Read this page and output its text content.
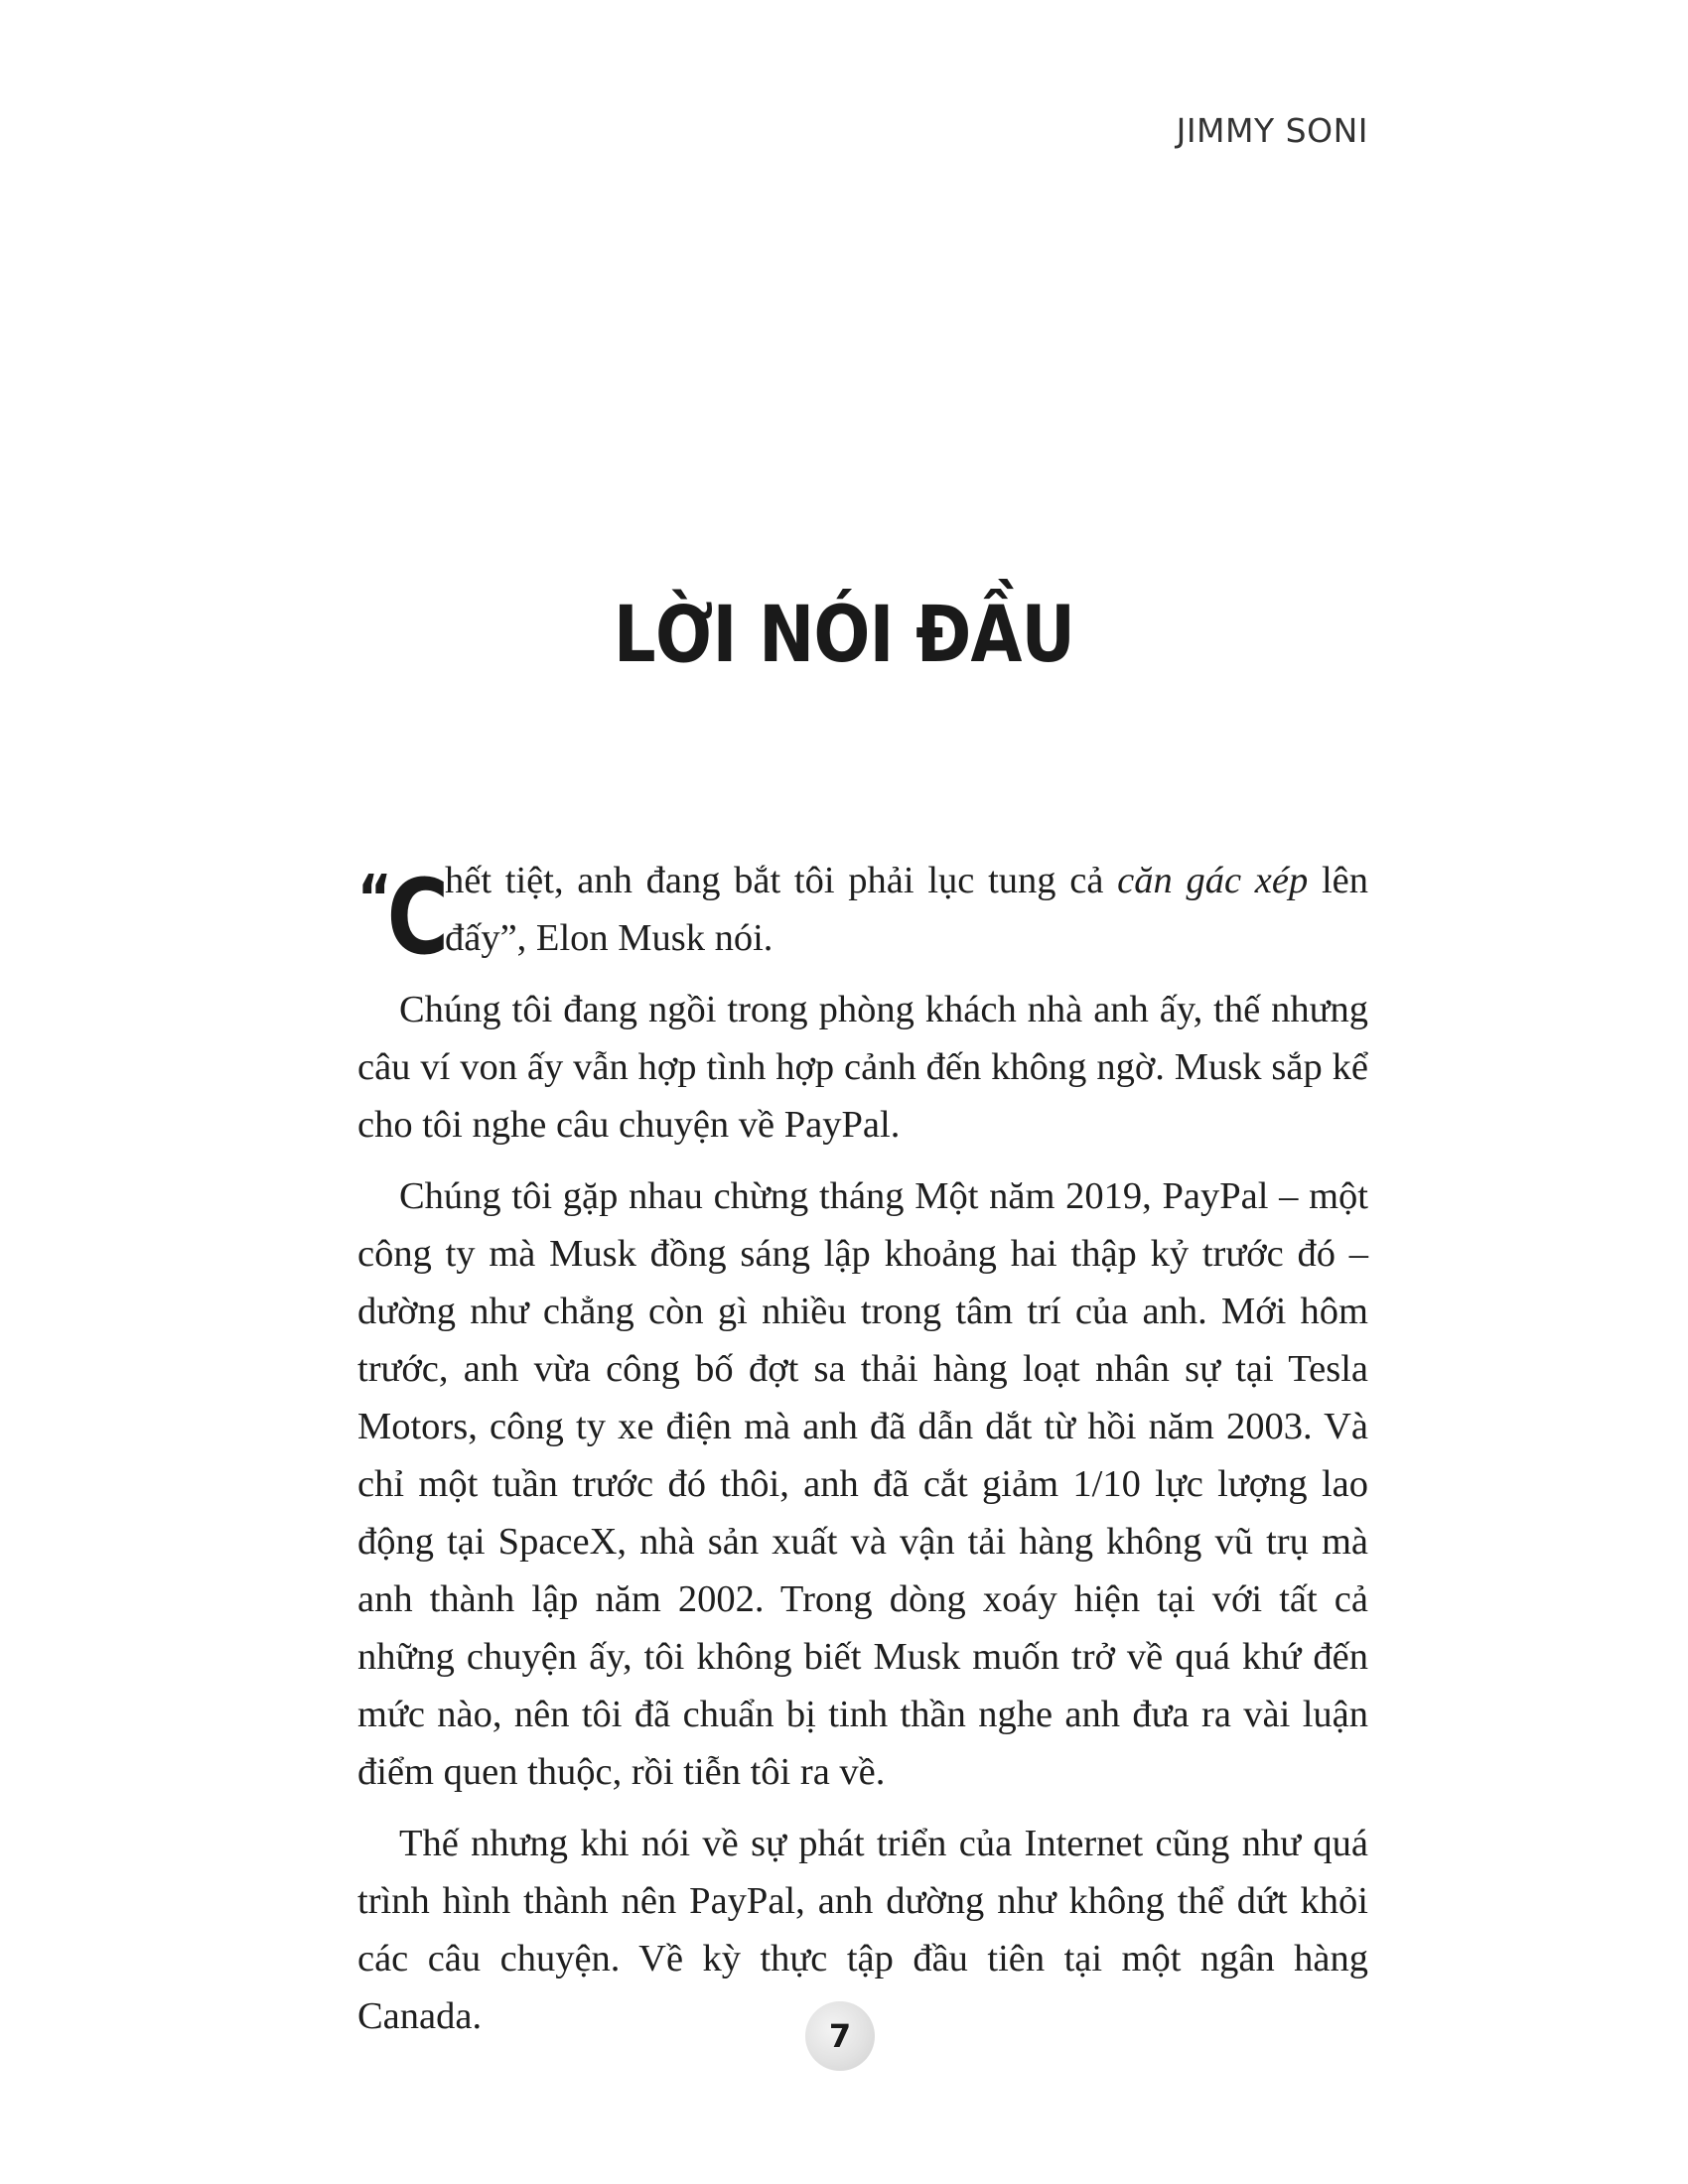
JIMMY SONI
LỜI NÓI ĐẦU

“C hết tiệt, anh đang bắt tôi phải lục tung cả căn gác xép lên đấy”, Elon Musk nói.

Chúng tôi đang ngồi trong phòng khách nhà anh ấy, thế nhưng câu ví von ấy vẫn hợp tình hợp cảnh đến không ngờ. Musk sắp kể cho tôi nghe câu chuyện về PayPal.

Chúng tôi gặp nhau chừng tháng Một năm 2019, PayPal – một công ty mà Musk đồng sáng lập khoảng hai thập kỷ trước đó – dường như chẳng còn gì nhiều trong tâm trí của anh. Mới hôm trước, anh vừa công bố đợt sa thải hàng loạt nhân sự tại Tesla Motors, công ty xe điện mà anh đã dẫn dắt từ hồi năm 2003. Và chỉ một tuần trước đó thôi, anh đã cắt giảm 1/10 lực lượng lao động tại SpaceX, nhà sản xuất và vận tải hàng không vũ trụ mà anh thành lập năm 2002. Trong dòng xoáy hiện tại với tất cả những chuyện ấy, tôi không biết Musk muốn trở về quá khứ đến mức nào, nên tôi đã chuẩn bị tinh thần nghe anh đưa ra vài luận điểm quen thuộc, rồi tiễn tôi ra về.

Thế nhưng khi nói về sự phát triển của Internet cũng như quá trình hình thành nên PayPal, anh dường như không thể dứt khỏi các câu chuyện. Về kỳ thực tập đầu tiên tại một ngân hàng Canada.	7
